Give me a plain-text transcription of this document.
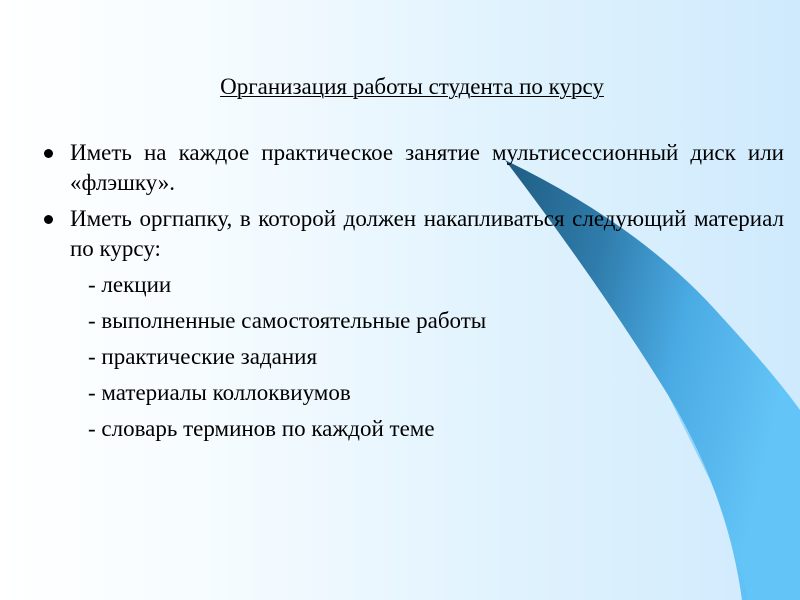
Организация работы студента по курсу
Иметь на каждое практическое занятие мультисессионный диск или «флэшку».
Иметь оргпапку, в которой должен накапливаться следующий материал по курсу:
- лекции
- выполненные самостоятельные работы
- практические задания
- материалы коллоквиумов
- словарь терминов по каждой теме
